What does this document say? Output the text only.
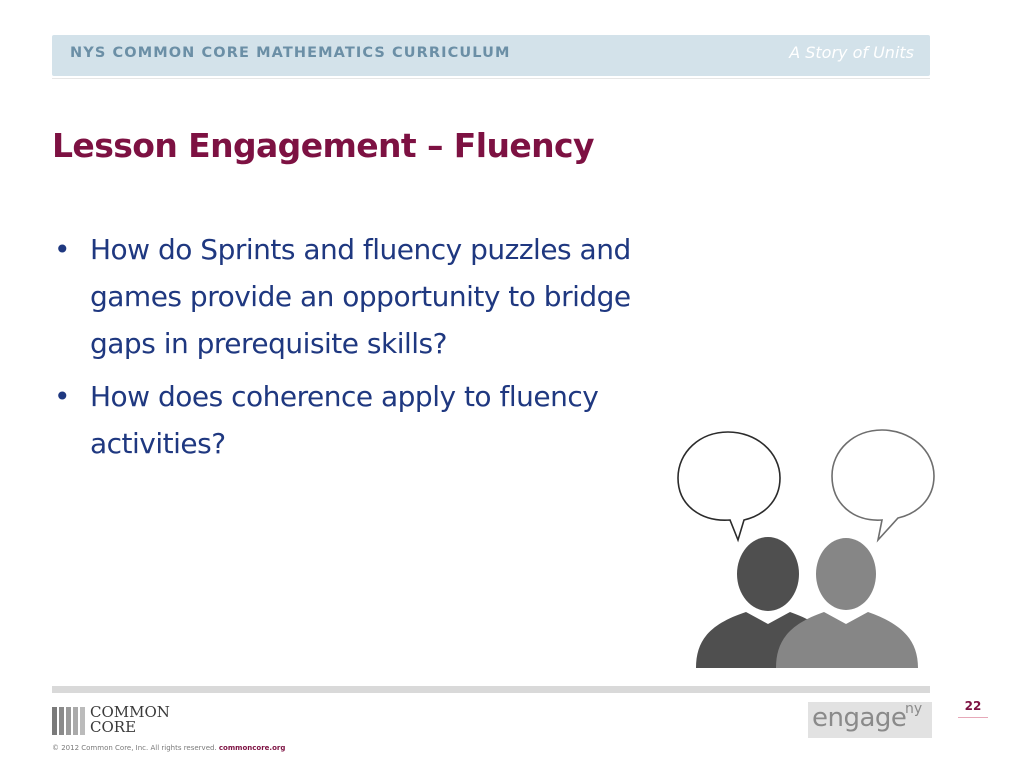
NYS COMMON CORE MATHEMATICS CURRICULUM	A Story of Units
Lesson Engagement – Fluency
• How do Sprints and fluency puzzles and games provide an opportunity to bridge gaps in prerequisite skills?
• How does coherence apply to fluency activities?
COMMON
CORE
© 2012 Common Core, Inc. All rights reserved. commoncore.org
engage
ny	22
